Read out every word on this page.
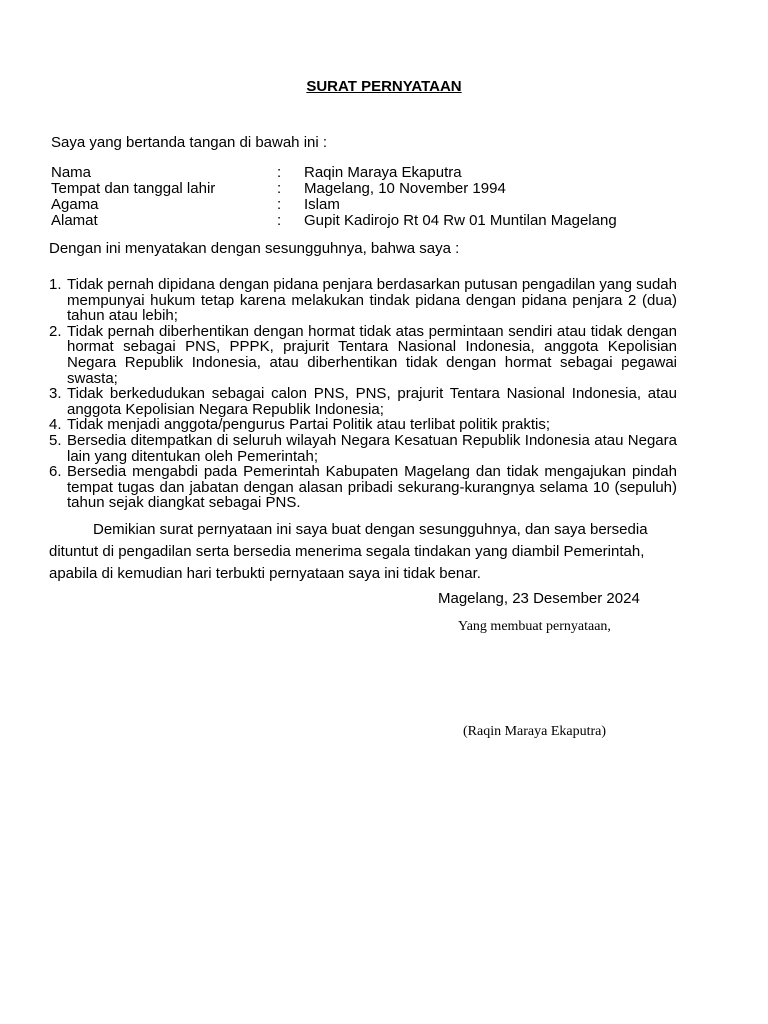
SURAT PERNYATAAN
Saya yang bertanda tangan di bawah ini :
Nama	:	Raqin Maraya Ekaputra
Tempat dan tanggal lahir	:	Magelang, 10 November 1994
Agama	:	Islam
Alamat	:	Gupit Kadirojo Rt 04 Rw 01 Muntilan Magelang
Dengan ini menyatakan dengan sesungguhnya, bahwa saya :
1. Tidak pernah dipidana dengan pidana penjara berdasarkan putusan pengadilan yang sudah mempunyai hukum tetap karena melakukan tindak pidana dengan pidana penjara 2 (dua) tahun atau lebih;
2. Tidak pernah diberhentikan dengan hormat tidak atas permintaan sendiri atau tidak dengan hormat sebagai PNS, PPPK, prajurit Tentara Nasional Indonesia, anggota Kepolisian Negara Republik Indonesia, atau diberhentikan tidak dengan hormat sebagai pegawai swasta;
3. Tidak berkedudukan sebagai calon PNS, PNS, prajurit Tentara Nasional Indonesia, atau anggota Kepolisian Negara Republik Indonesia;
4. Tidak menjadi anggota/pengurus Partai Politik atau terlibat politik praktis;
5. Bersedia ditempatkan di seluruh wilayah Negara Kesatuan Republik Indonesia atau Negara lain yang ditentukan oleh Pemerintah;
6. Bersedia mengabdi pada Pemerintah Kabupaten Magelang dan tidak mengajukan pindah tempat tugas dan jabatan dengan alasan pribadi sekurang-kurangnya selama 10 (sepuluh) tahun sejak diangkat sebagai PNS.
Demikian surat pernyataan ini saya buat dengan sesungguhnya, dan saya bersedia
dituntut di pengadilan serta bersedia menerima segala tindakan yang diambil Pemerintah,
apabila di kemudian hari terbukti pernyataan saya ini tidak benar.
Magelang, 23 Desember 2024
Yang membuat pernyataan,
(Raqin Maraya Ekaputra)
